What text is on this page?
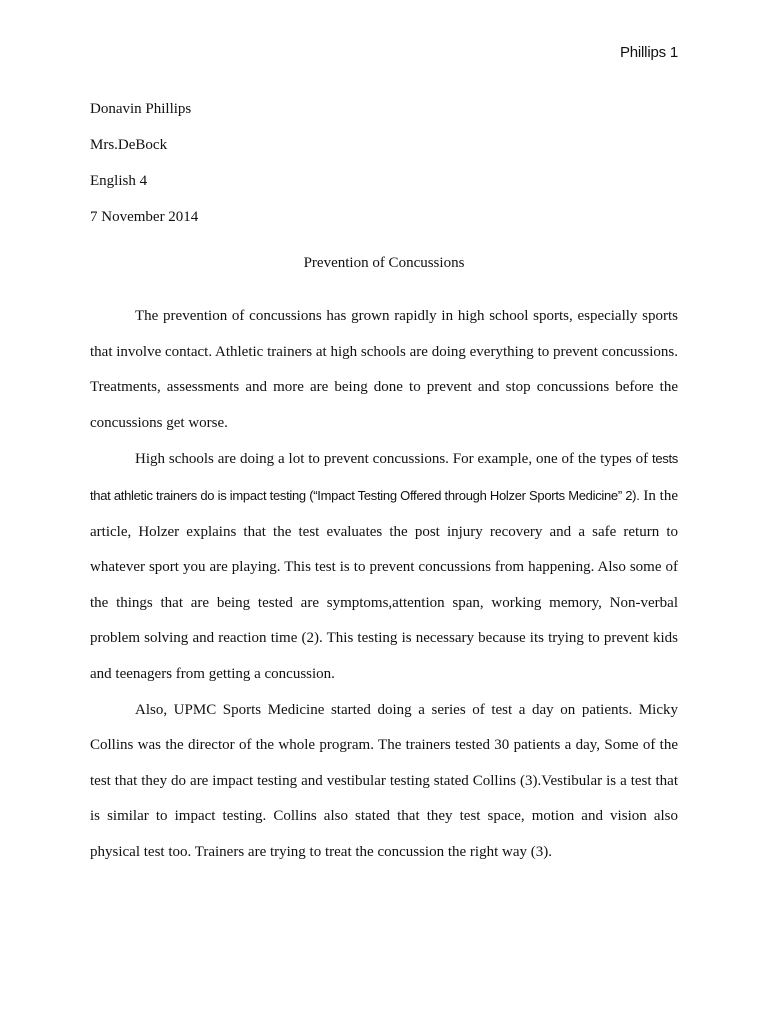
Phillips 1
Donavin Phillips
Mrs.DeBock
English 4
7 November 2014
Prevention of Concussions

The prevention of concussions has grown rapidly in high school sports, especially sports that involve contact. Athletic trainers at high schools are doing everything to prevent concussions. Treatments, assessments and more are being done to prevent and stop concussions before the concussions get worse.

High schools are doing a lot to prevent concussions. For example, one of the types of tests that athletic trainers do is impact testing (“Impact Testing Offered through Holzer Sports Medicine” 2). In the article, Holzer explains that the test evaluates the post injury recovery and a safe return to whatever sport you are playing. This test is to prevent concussions from happening. Also some of the things that are being tested are symptoms,attention span, working memory, Non-verbal problem solving and reaction time (2). This testing is necessary because its trying to prevent kids and teenagers from getting a concussion.

Also, UPMC Sports Medicine started doing a series of test a day on patients. Micky Collins was the director of the whole program. The trainers tested 30 patients a day, Some of the test that they do are impact testing and vestibular testing stated Collins (3).Vestibular is a test that is similar to impact testing. Collins also stated that they test space, motion and vision also physical test too. Trainers are trying to treat the concussion the right way (3).
